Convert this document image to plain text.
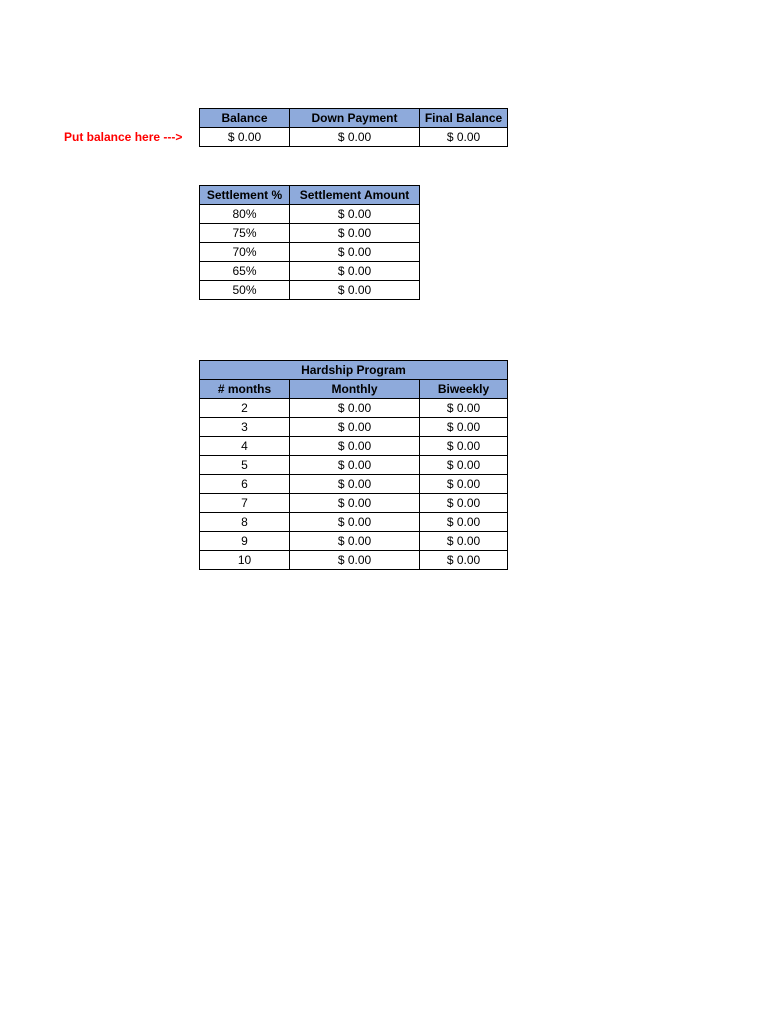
Put balance here --->
Balance	Down Payment	Final Balance
$ 0.00	$ 0.00	$ 0.00
Settlement %	Settlement Amount
80%	$ 0.00
75%	$ 0.00
70%	$ 0.00
65%	$ 0.00
50%	$ 0.00
Hardship Program		
# months	Monthly	Biweekly
2	$ 0.00	$ 0.00
3	$ 0.00	$ 0.00
4	$ 0.00	$ 0.00
5	$ 0.00	$ 0.00
6	$ 0.00	$ 0.00
7	$ 0.00	$ 0.00
8	$ 0.00	$ 0.00
9	$ 0.00	$ 0.00
10	$ 0.00	$ 0.00
